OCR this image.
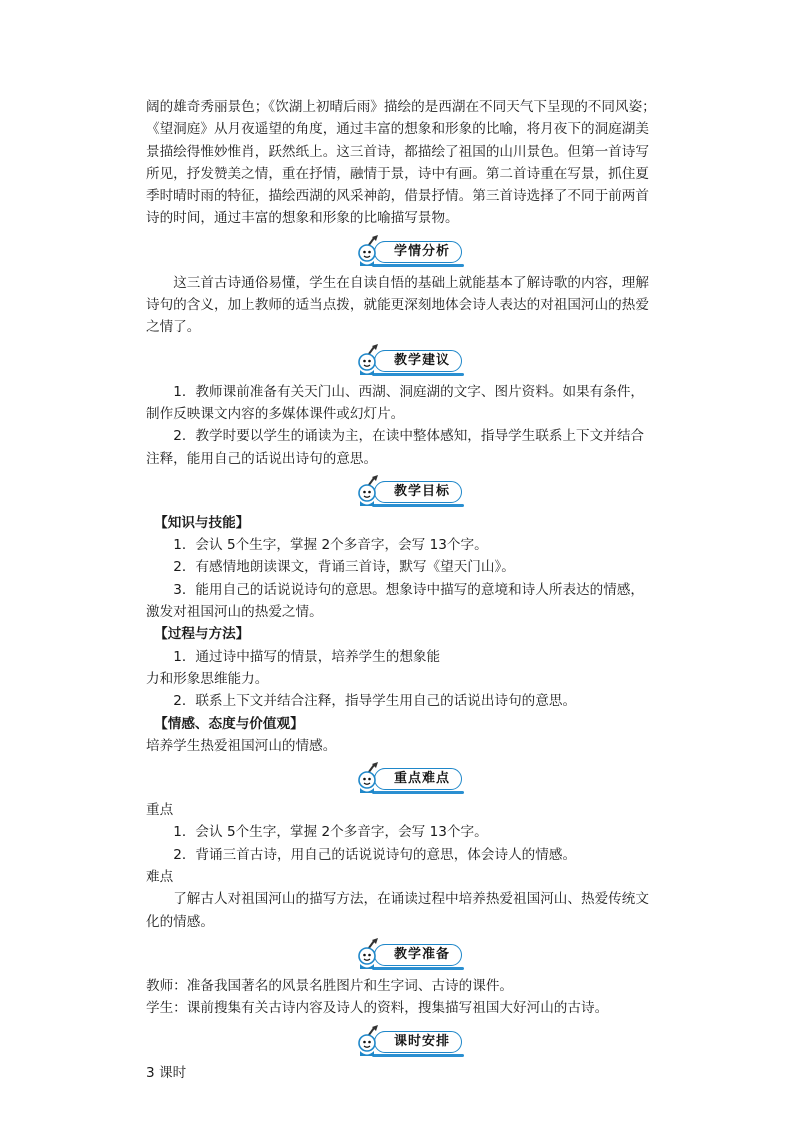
阔的雄奇秀丽景色；《饮湖上初晴后雨》描绘的是西湖在不同天气下呈现的不同风姿；《望洞庭》从月夜遥望的角度，通过丰富的想象和形象的比喻，将月夜下的洞庭湖美景描绘得惟妙惟肖，跃然纸上。这三首诗，都描绘了祖国的山川景色。但第一首诗写所见，抒发赞美之情，重在抒情，融情于景，诗中有画。第二首诗重在写景，抓住夏季时晴时雨的特征，描绘西湖的风采神韵，借景抒情。第三首诗选择了不同于前两首诗的时间，通过丰富的想象和形象的比喻描写景物。

学情分析

这三首古诗通俗易懂，学生在自读自悟的基础上就能基本了解诗歌的内容，理解诗句的含义，加上教师的适当点拨，就能更深刻地体会诗人表达的对祖国河山的热爱之情了。

教学建议

1．教师课前准备有关天门山、西湖、洞庭湖的文字、图片资料。如果有条件，制作反映课文内容的多媒体课件或幻灯片。

2．教学时要以学生的诵读为主，在读中整体感知，指导学生联系上下文并结合注释，能用自己的话说出诗句的意思。

教学目标

【知识与技能】

1．会认 5个生字，掌握 2个多音字，会写 13个字。

2．有感情地朗读课文，背诵三首诗，默写《望天门山》。

3．能用自己的话说说诗句的意思。想象诗中描写的意境和诗人所表达的情感，激发对祖国河山的热爱之情。

【过程与方法】

1．通过诗中描写的情景，培养学生的想象能

力和形象思维能力。

2．联系上下文并结合注释，指导学生用自己的话说出诗句的意思。

【情感、态度与价值观】

培养学生热爱祖国河山的情感。

重点难点

重点

1．会认 5个生字，掌握 2个多音字，会写 13个字。

2．背诵三首古诗，用自己的话说说诗句的意思，体会诗人的情感。

难点

了解古人对祖国河山的描写方法，在诵读过程中培养热爱祖国河山、热爱传统文化的情感。

教学准备

教师：准备我国著名的风景名胜图片和生字词、古诗的课件。

学生：课前搜集有关古诗内容及诗人的资料，搜集描写祖国大好河山的古诗。

课时安排

3 课时
